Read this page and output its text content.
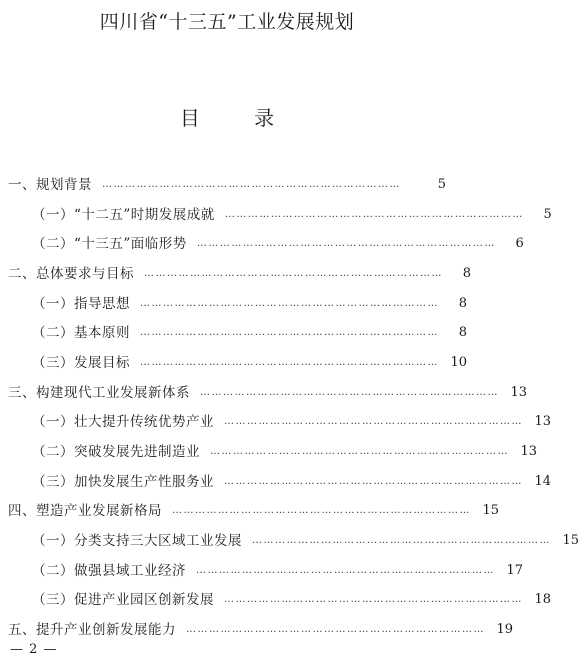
四川省“十三五”工业发展规划
目 录
一、规划背景 ……………………………………………………………………	5
（一）“十二五”时期发展成就 ……………………………………………………………………	5
（二）“十三五”面临形势 ……………………………………………………………………	6
二、总体要求与目标 ……………………………………………………………………	8
（一）指导思想 ……………………………………………………………………	8
（二）基本原则 ……………………………………………………………………	8
（三）发展目标 …………………………………………………………………… 10
三、构建现代工业发展新体系 …………………………………………………………………… 13
（一）壮大提升传统优势产业 …………………………………………………………………… 13
（二）突破发展先进制造业 …………………………………………………………………… 13
（三）加快发展生产性服务业 …………………………………………………………………… 14
四、塑造产业发展新格局 …………………………………………………………………… 15
（一）分类支持三大区域工业发展 …………………………………………………………………… 15
（二）做强县域工业经济 …………………………………………………………………… 17
（三）促进产业园区创新发展 …………………………………………………………………… 18
五、提升产业创新发展能力 …………………………………………………………………… 19
— 2 —
